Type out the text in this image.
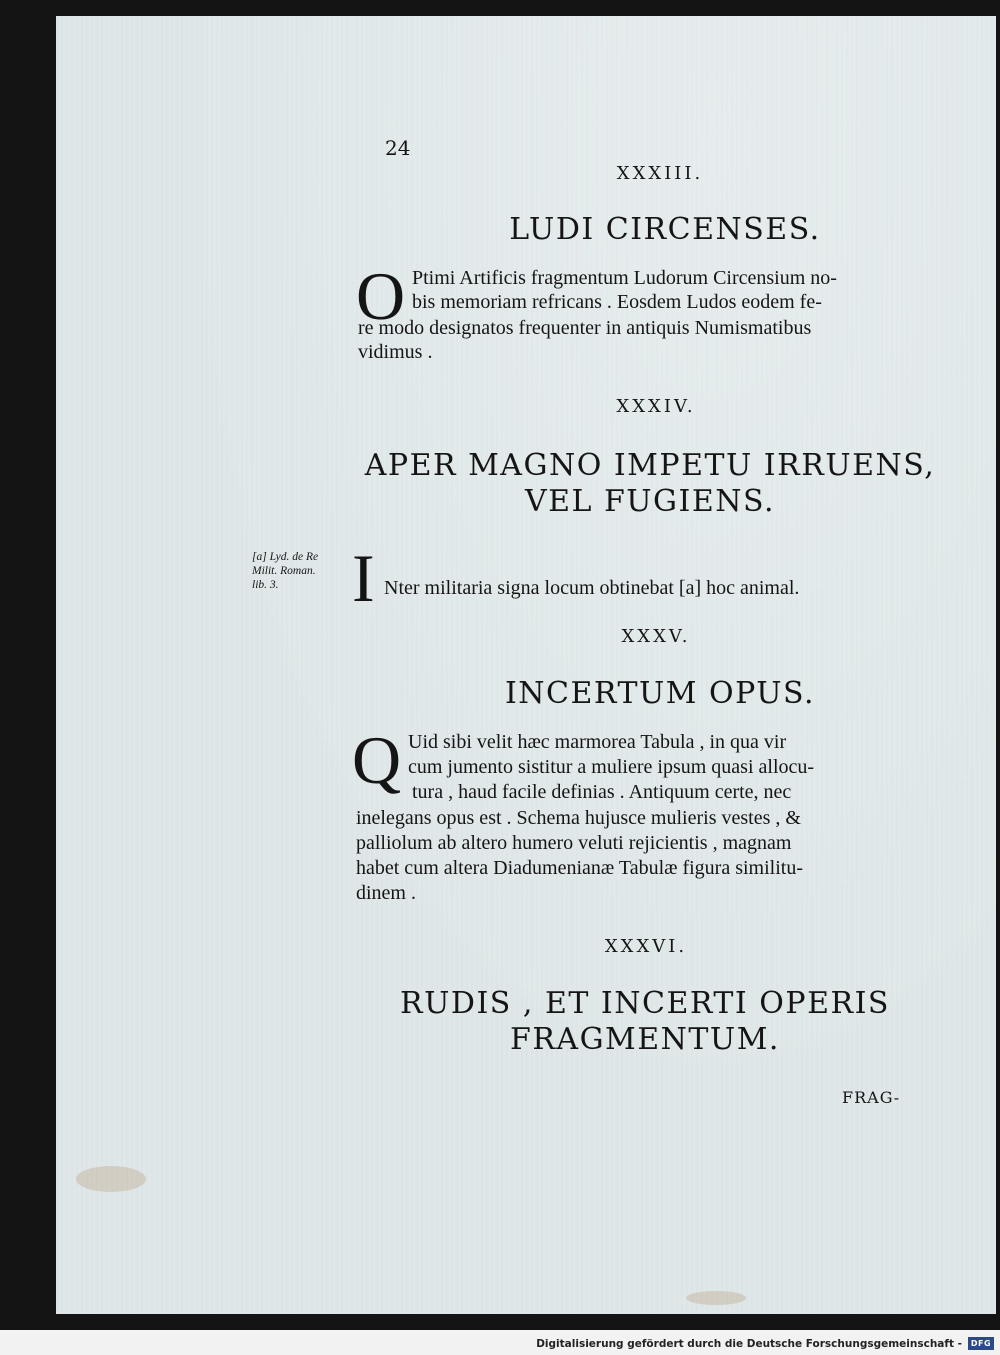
24
XXXIII.
LUDI CIRCENSES.
O Ptimi Artificis fragmentum Ludorum Circensium no-
bis memoriam refricans . Eosdem Ludos eodem fe-
re modo designatos frequenter in antiquis Numismatibus
vidimus .
XXXIV.
APER MAGNO IMPETU IRRUENS,
VEL FUGIENS.
[a] Lyd. de Re
Milit. Roman.
lib. 3.	I Nter militaria signa locum obtinebat [a] hoc animal.
XXXV.
INCERTUM OPUS.
Q Uid sibi velit hæc marmorea Tabula , in qua vir
cum jumento sistitur a muliere ipsum quasi allocu-
tura , haud facile definias . Antiquum certe, nec
inelegans opus est . Schema hujusce mulieris vestes , &
palliolum ab altero humero veluti rejicientis , magnam
habet cum altera Diadumenianæ Tabulæ figura similitu-
dinem .
XXXVI.
RUDIS , ET INCERTI OPERIS
FRAGMENTUM.
FRAG-
Digitalisierung gefördert durch die Deutsche Forschungsgemeinschaft -	DFG
